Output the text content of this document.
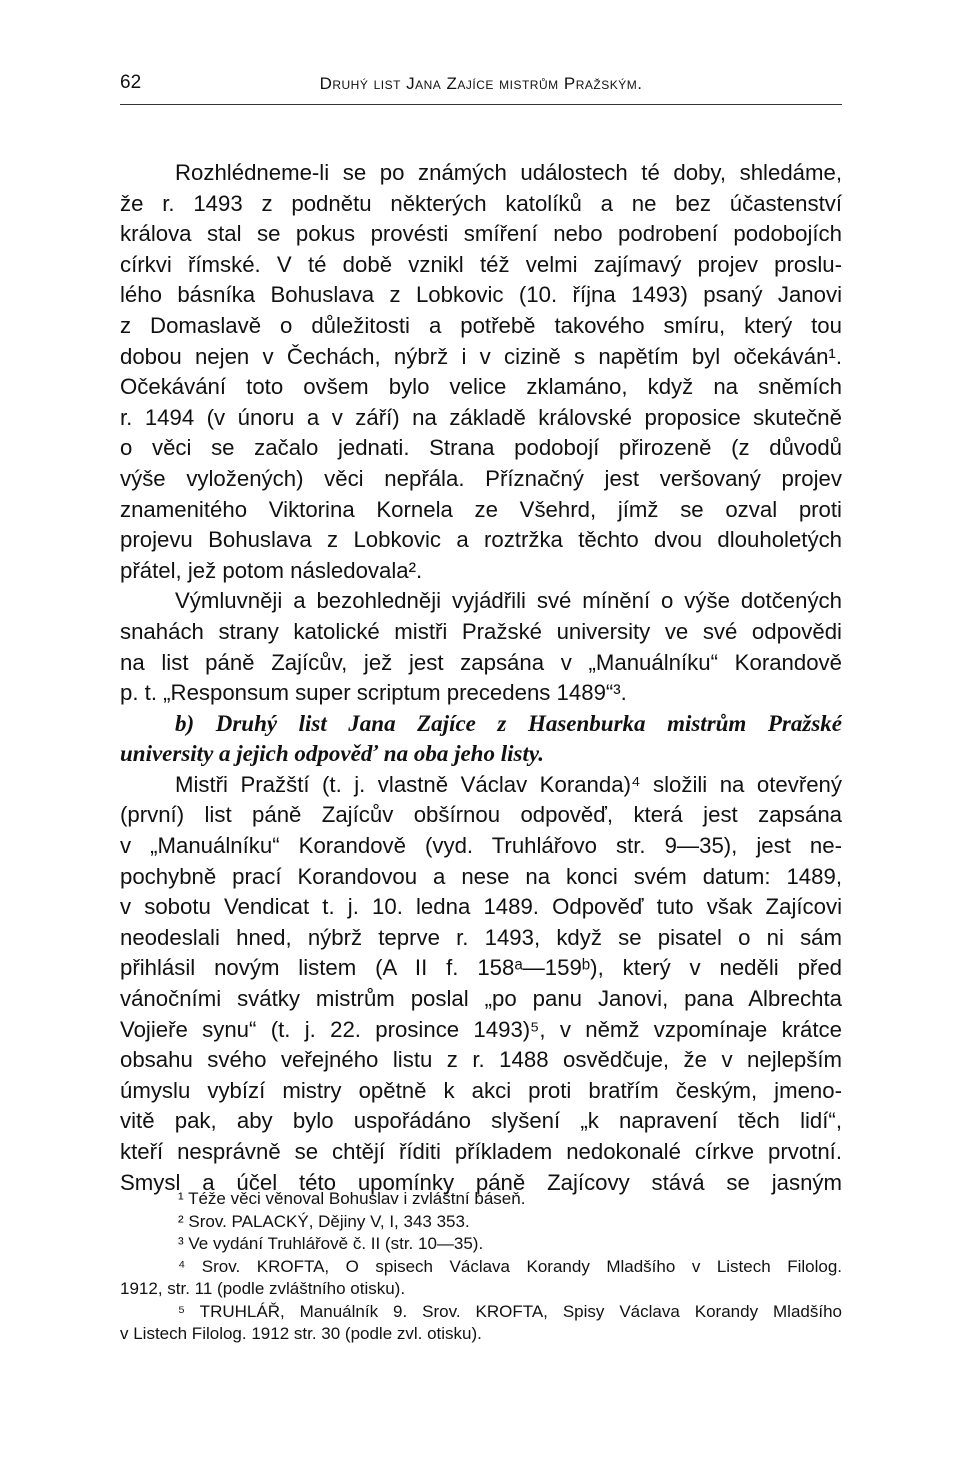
62	Druhý list Jana Zajíce mistrům Pražským.
Rozhlédneme-li se po známých událostech té doby, shledáme,
že r. 1493 z podnětu některých katolíků a ne bez účastenství
králova stal se pokus provésti smíření nebo podrobení podobojích
církvi římské. V té době vznikl též velmi zajímavý projev proslu-
lého básníka Bohuslava z Lobkovic (10. října 1493) psaný Janovi
z Domaslavě o důležitosti a potřebě takového smíru, který tou
dobou nejen v Čechách, nýbrž i v cizině s napětím byl očekáván¹.
Očekávání toto ovšem bylo velice zklamáno, když na sněmích
r. 1494 (v únoru a v září) na základě královské proposice skutečně
o věci se začalo jednati. Strana podobojí přirozeně (z důvodů
výše vyložených) věci nepřála. Příznačný jest veršovaný projev
znamenitého Viktorina Kornela ze Všehrd, jímž se ozval proti
projevu Bohuslava z Lobkovic a roztržka těchto dvou dlouholetých
přátel, jež potom následovala².
Výmluvněji a bezohledněji vyjádřili své mínění o výše dotčených
snahách strany katolické mistři Pražské university ve své odpovědi
na list páně Zajícův, jež jest zapsána v „Manuálníku“ Korandově
p. t. „Responsum super scriptum precedens 1489“³.
b) Druhý list Jana Zajíce z Hasenburka mistrům Pražské
university a jejich odpověď na oba jeho listy.
Mistři Pražští (t. j. vlastně Václav Koranda)⁴ složili na otevřený
(první) list páně Zajícův obšírnou odpověď, která jest zapsána
v „Manuálníku“ Korandově (vyd. Truhlářovo str. 9—35), jest ne-
pochybně prací Korandovou a nese na konci svém datum: 1489,
v sobotu Vendicat t. j. 10. ledna 1489. Odpověď tuto však Zajícovi
neodeslali hned, nýbrž teprve r. 1493, když se pisatel o ni sám
přihlásil novým listem (A II f. 158ᵃ—159ᵇ), který v neděli před
vánočními svátky mistrům poslal „po panu Janovi, pana Albrechta
Vojieře synu“ (t. j. 22. prosince 1493)⁵, v němž vzpomínaje krátce
obsahu svého veřejného listu z r. 1488 osvědčuje, že v nejlepším
úmyslu vybízí mistry opětně k akci proti bratřím českým, jmeno-
vitě pak, aby bylo uspořádáno slyšení „k napravení těch lidí“,
kteří nesprávně se chtějí říditi příkladem nedokonalé církve prvotní.
Smysl a účel této upomínky páně Zajícovy stává se jasným
¹ Téže věci věnoval Bohuslav i zvláštní báseň.
² Srov. PALACKÝ, Dějiny V, I, 343 353.
³ Ve vydání Truhlářově č. II (str. 10—35).
⁴ Srov. KROFTA, O spisech Václava Korandy Mladšího v Listech Filolog.
1912, str. 11 (podle zvláštního otisku).
⁵ TRUHLÁŘ, Manuálník 9. Srov. KROFTA, Spisy Václava Korandy Mladšího
v Listech Filolog. 1912 str. 30 (podle zvl. otisku).
